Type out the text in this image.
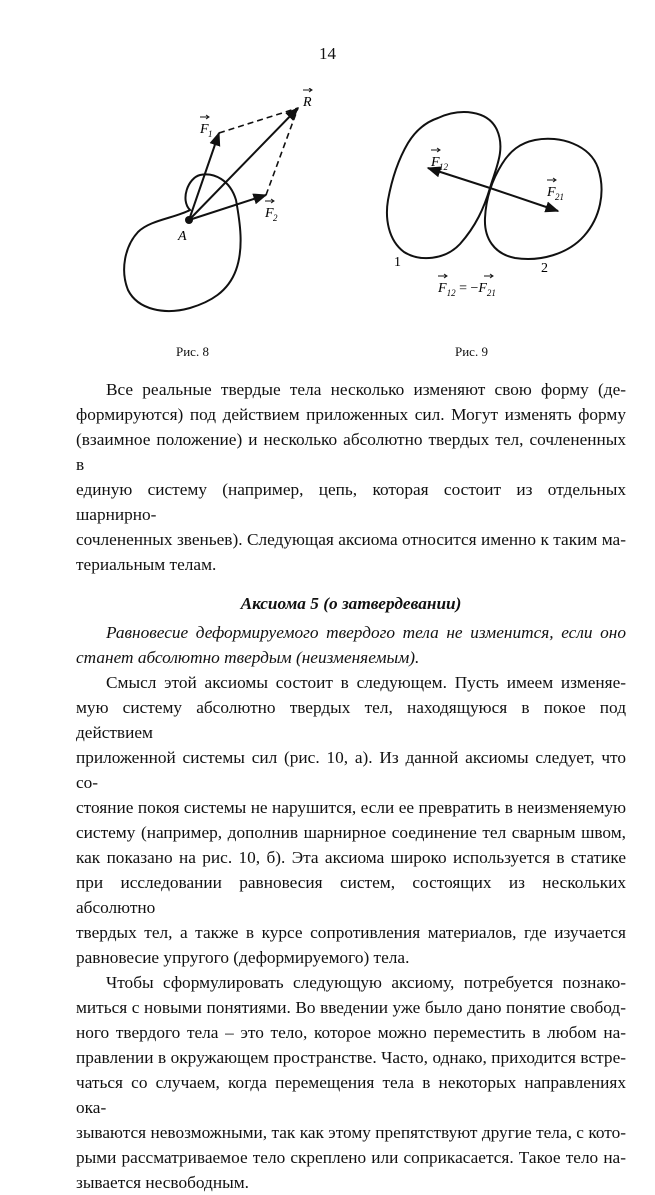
14
R
F 1
F 2
A
Рис. 8
F 12
F 21
1	2
$F_{12} = -F_{21}$
Рис. 9

Все реальные твердые тела несколько изменяют свою форму (де-

формируются) под действием приложенных сил. Могут изменять форму

(взаимное положение) и несколько абсолютно твердых тел, сочлененных в

единую систему (например, цепь, которая состоит из отдельных шарнирно-

сочлененных звеньев). Следующая аксиома относится именно к таким ма-

териальным телам.

Аксиома 5 (о затвердевании)

Равновесие деформируемого твердого тела не изменится, если оно

станет абсолютно твердым (неизменяемым).

Смысл этой аксиомы состоит в следующем. Пусть имеем изменяе-

мую систему абсолютно твердых тел, находящуюся в покое под действием

приложенной системы сил (рис. 10, а). Из данной аксиомы следует, что со-

стояние покоя системы не нарушится, если ее превратить в неизменяемую

систему (например, дополнив шарнирное соединение тел сварным швом,

как показано на рис. 10, б). Эта аксиома широко используется в статике

при исследовании равновесия систем, состоящих из нескольких абсолютно

твердых тел, а также в курсе сопротивления материалов, где изучается

равновесие упругого (деформируемого) тела.

Чтобы сформулировать следующую аксиому, потребуется познако-

миться с новыми понятиями. Во введении уже было дано понятие свобод-

ного твердого тела – это тело, которое можно переместить в любом на-

правлении в окружающем пространстве. Часто, однако, приходится встре-

чаться со случаем, когда перемещения тела в некоторых направлениях ока-

зываются невозможными, так как этому препятствуют другие тела, с кото-

рыми рассматриваемое тело скреплено или соприкасается. Такое тело на-

зывается несвободным.
